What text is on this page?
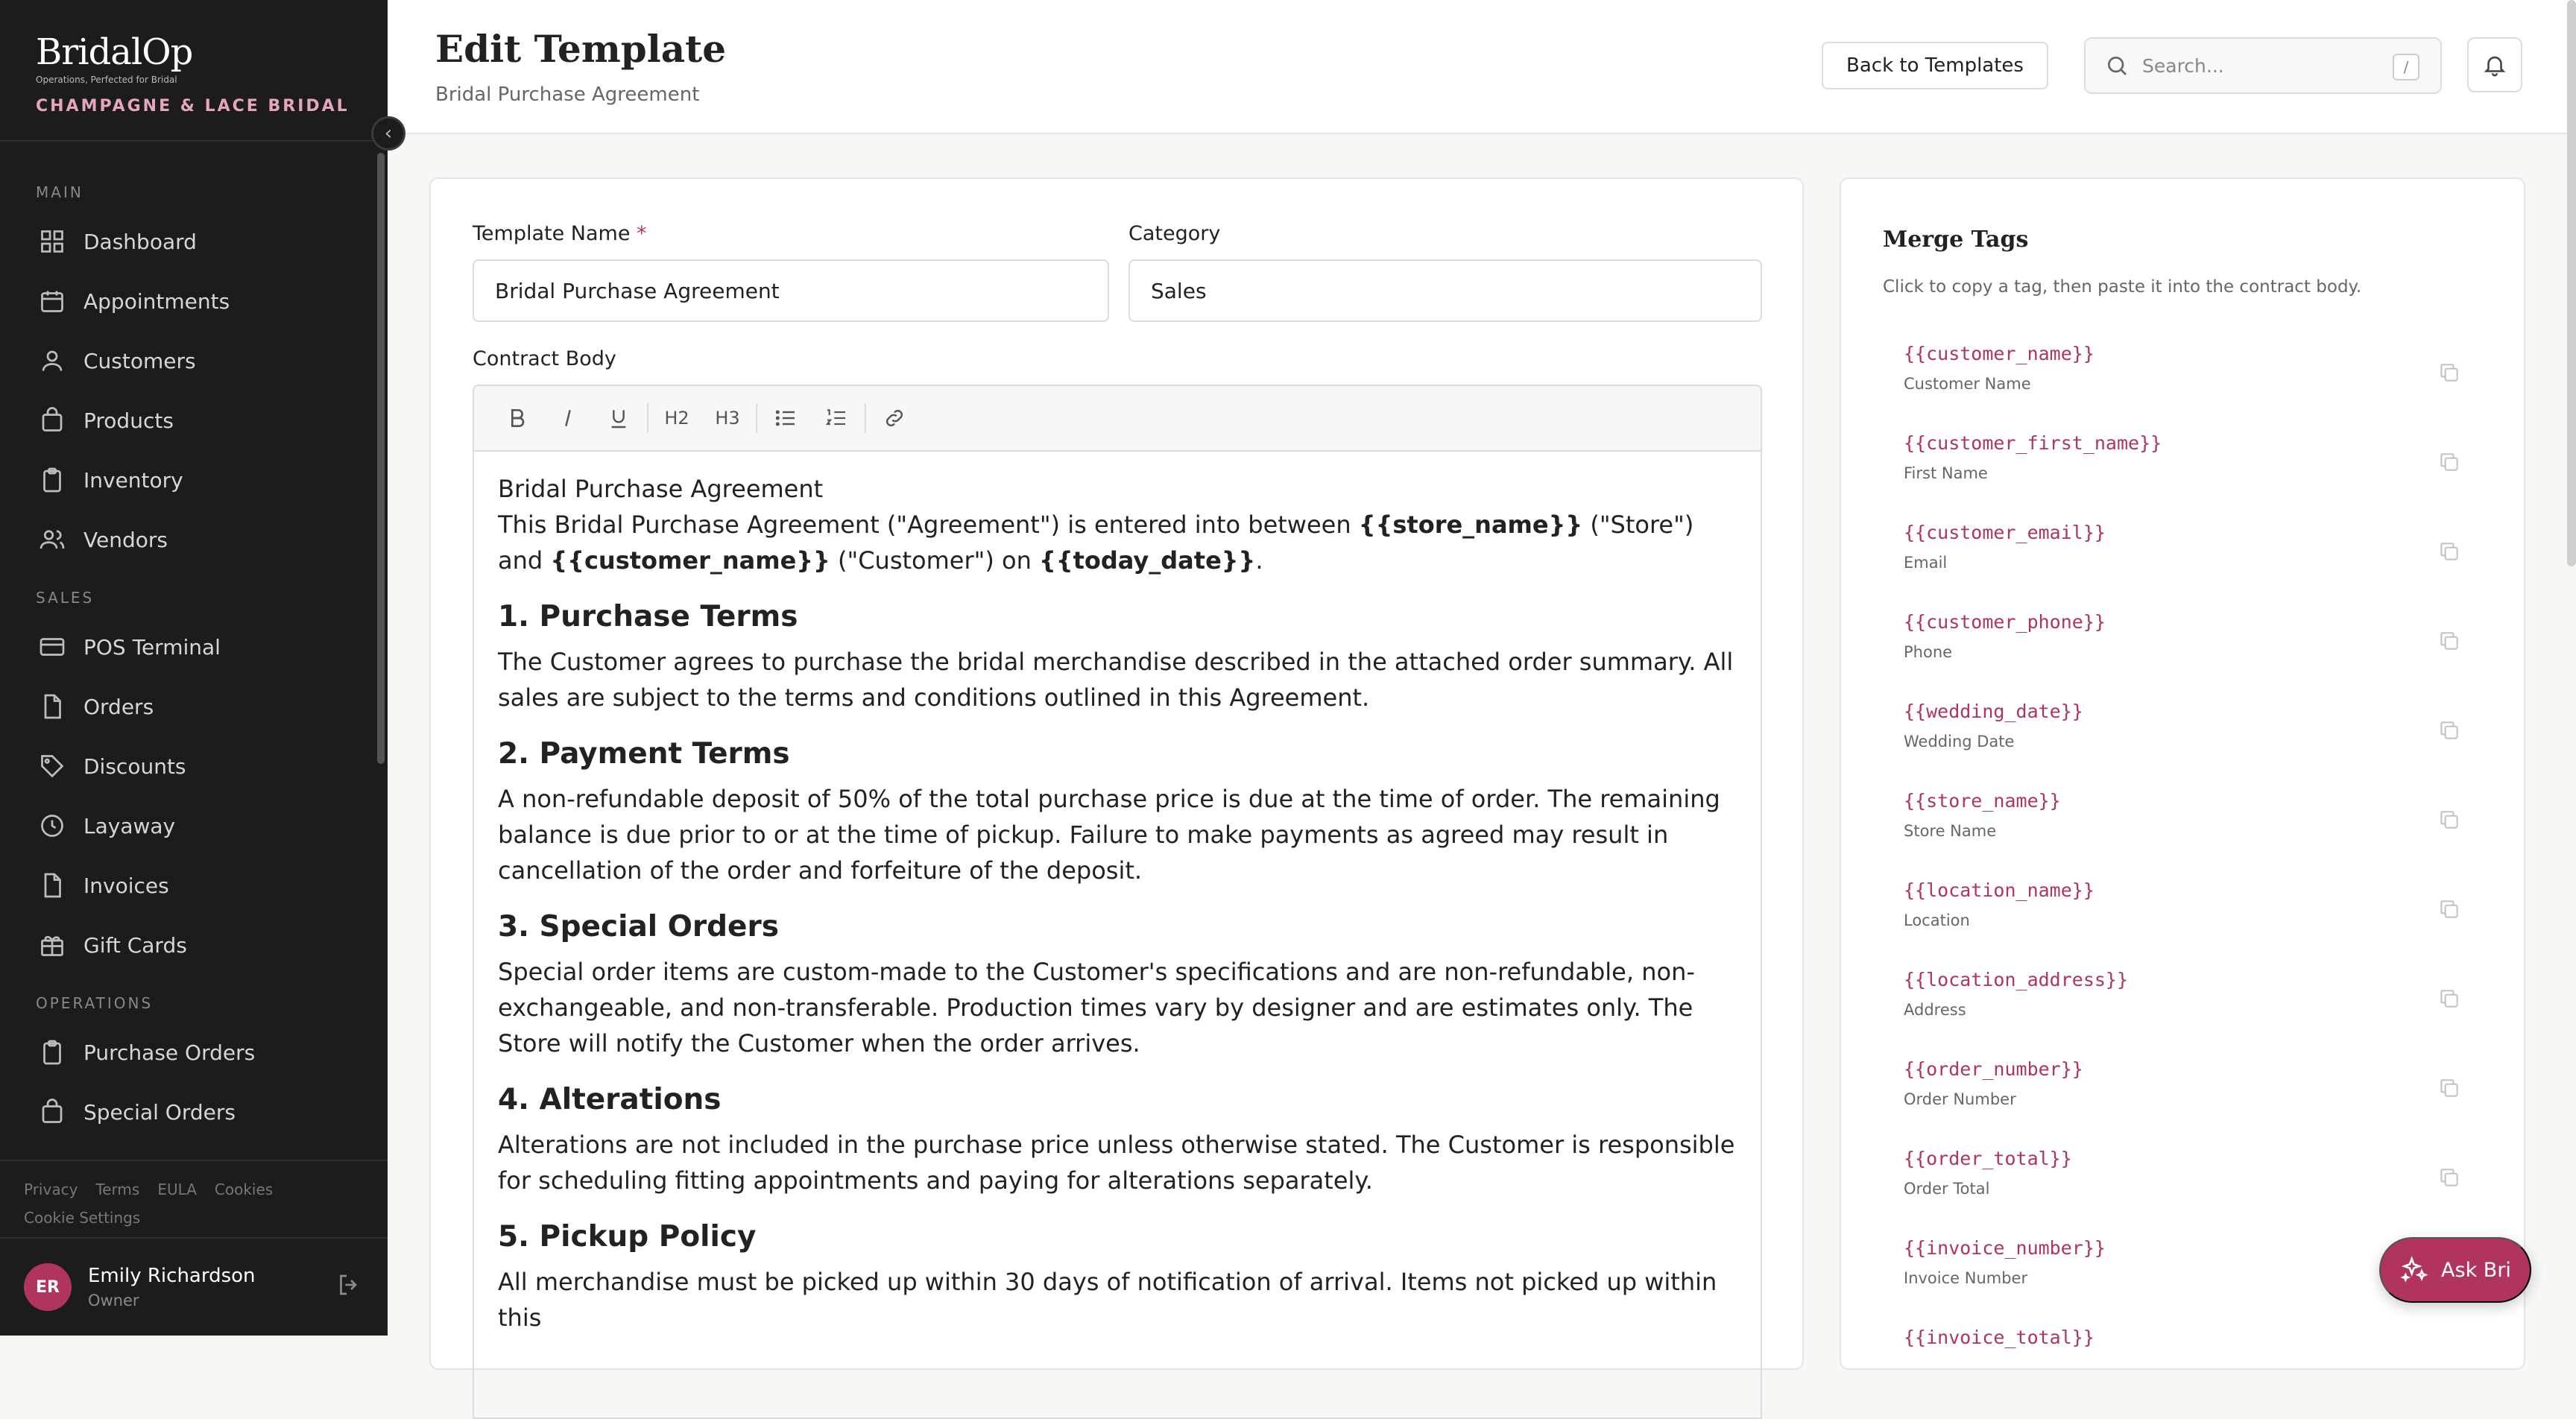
BridalOp
Operations, Perfected for Bridal
CHAMPAGNE & LACE BRIDAL
MAIN
Dashboard
Appointments
Customers
Products
Inventory
Vendors
SALES
POS Terminal
Orders
Discounts
Layaway
Invoices
Gift Cards
OPERATIONS
Purchase Orders
Special Orders
Privacy Terms EULA Cookies
Cookie Settings
ER	Emily Richardson
Owner
‹
Edit Template
Bridal Purchase Agreement
Back to Templates
Search...	/
Template Name *
Bridal Purchase Agreement	Category
Sales
Contract Body
H2	H3

Bridal Purchase Agreement

This Bridal Purchase Agreement ("Agreement") is entered into between {{store_name}} ("Store") and {{customer_name}} ("Customer") on {{today_date}}.

1. Purchase Terms

The Customer agrees to purchase the bridal merchandise described in the attached order summary. All sales are subject to the terms and conditions outlined in this Agreement.

2. Payment Terms

A non-refundable deposit of 50% of the total purchase price is due at the time of order. The remaining balance is due prior to or at the time of pickup. Failure to make payments as agreed may result in cancellation of the order and forfeiture of the deposit.

3. Special Orders

Special order items are custom-made to the Customer's specifications and are non-refundable, non-exchangeable, and non-transferable. Production times vary by designer and are estimates only. The Store will notify the Customer when the order arrives.

4. Alterations

Alterations are not included in the purchase price unless otherwise stated. The Customer is responsible for scheduling fitting appointments and paying for alterations separately.

5. Pickup Policy

All merchandise must be picked up within 30 days of notification of arrival. Items not picked up within this

Merge Tags

Click to copy a tag, then paste it into the contract body.

{{customer_name}}
Customer Name
{{customer_first_name}}
First Name
{{customer_email}}
Email
{{customer_phone}}
Phone
{{wedding_date}}
Wedding Date
{{store_name}}
Store Name
{{location_name}}
Location
{{location_address}}
Address
{{order_number}}
Order Number
{{order_total}}
Order Total
{{invoice_number}}
Invoice Number
{{invoice_total}}
Ask Bri
